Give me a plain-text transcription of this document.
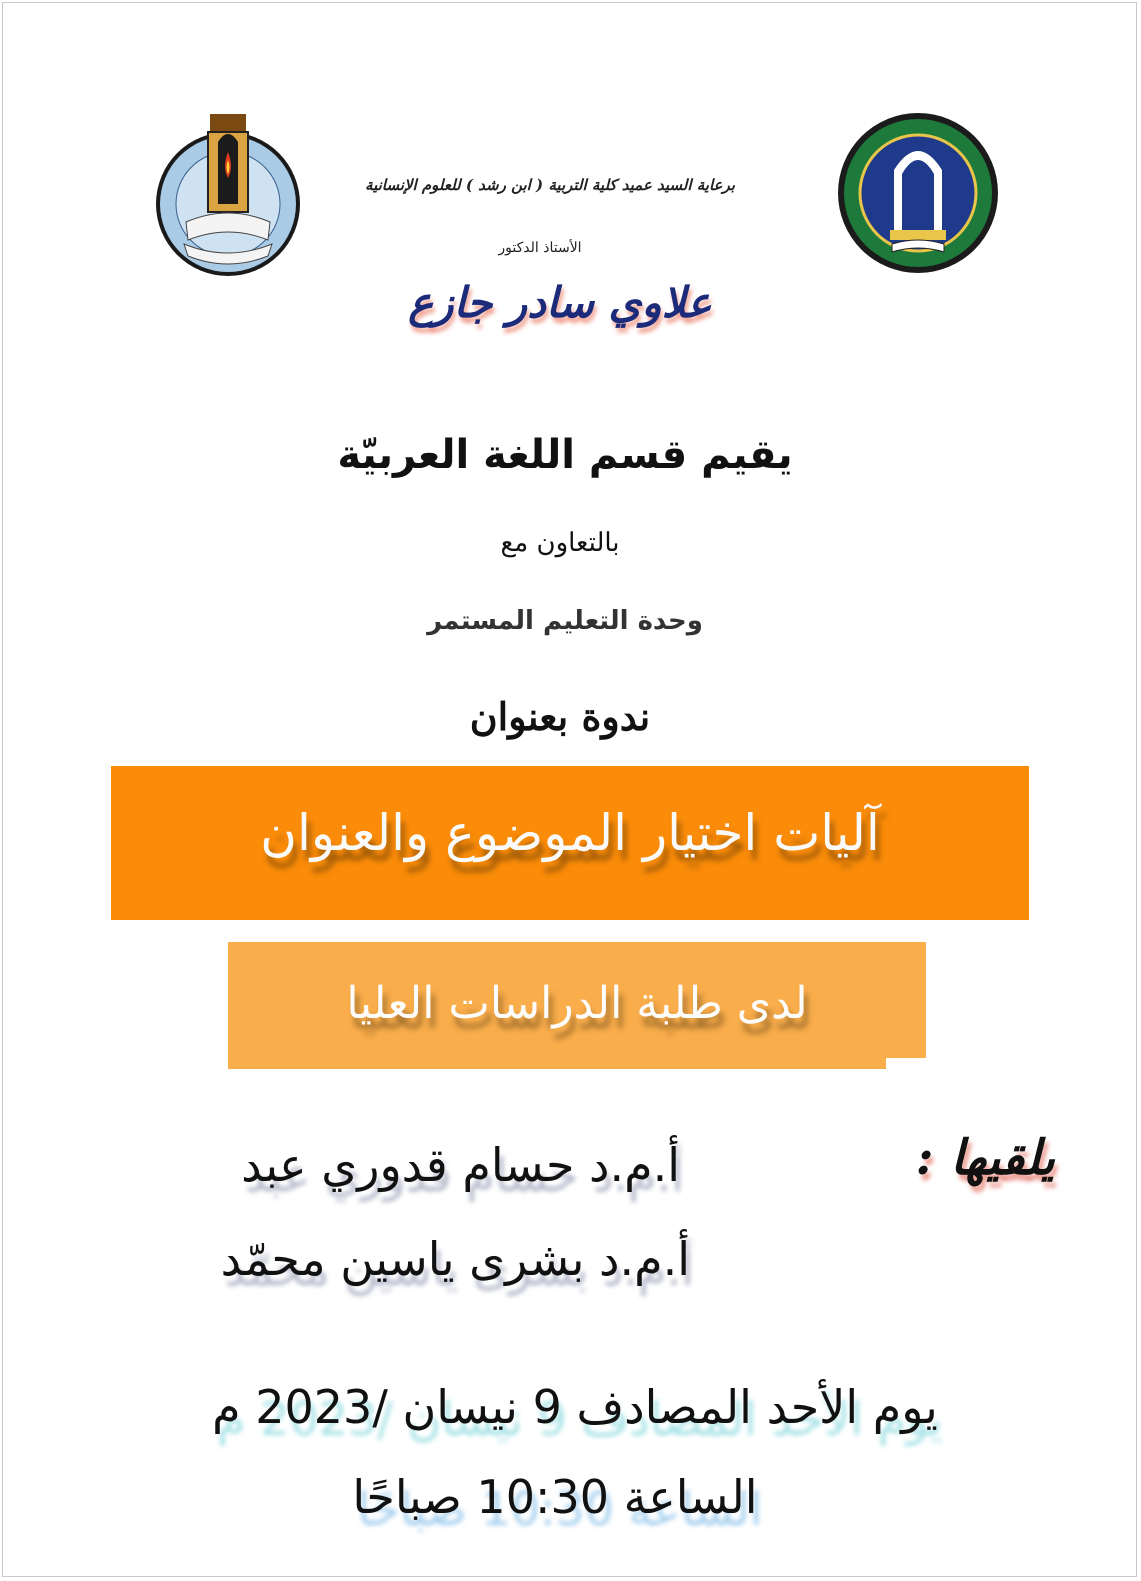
برعاية السيد عميد كلية التربية ( ابن رشد ) للعلوم الإنسانية
الأستاذ الدكتور
علاوي سادر جازع
يقيم قسم اللغة العربيّة
بالتعاون مع
وحدة التعليم المستمر
ندوة بعنوان
آليات اختيار الموضوع والعنوان
لدى طلبة الدراسات العليا
يلقيها :
أ.م.د حسام قدوري عبد
أ.م.د بشرى ياسين محمّد
يوم الأحد المصادف 9 نيسان /2023 م
الساعة 10:30 صباحًا
